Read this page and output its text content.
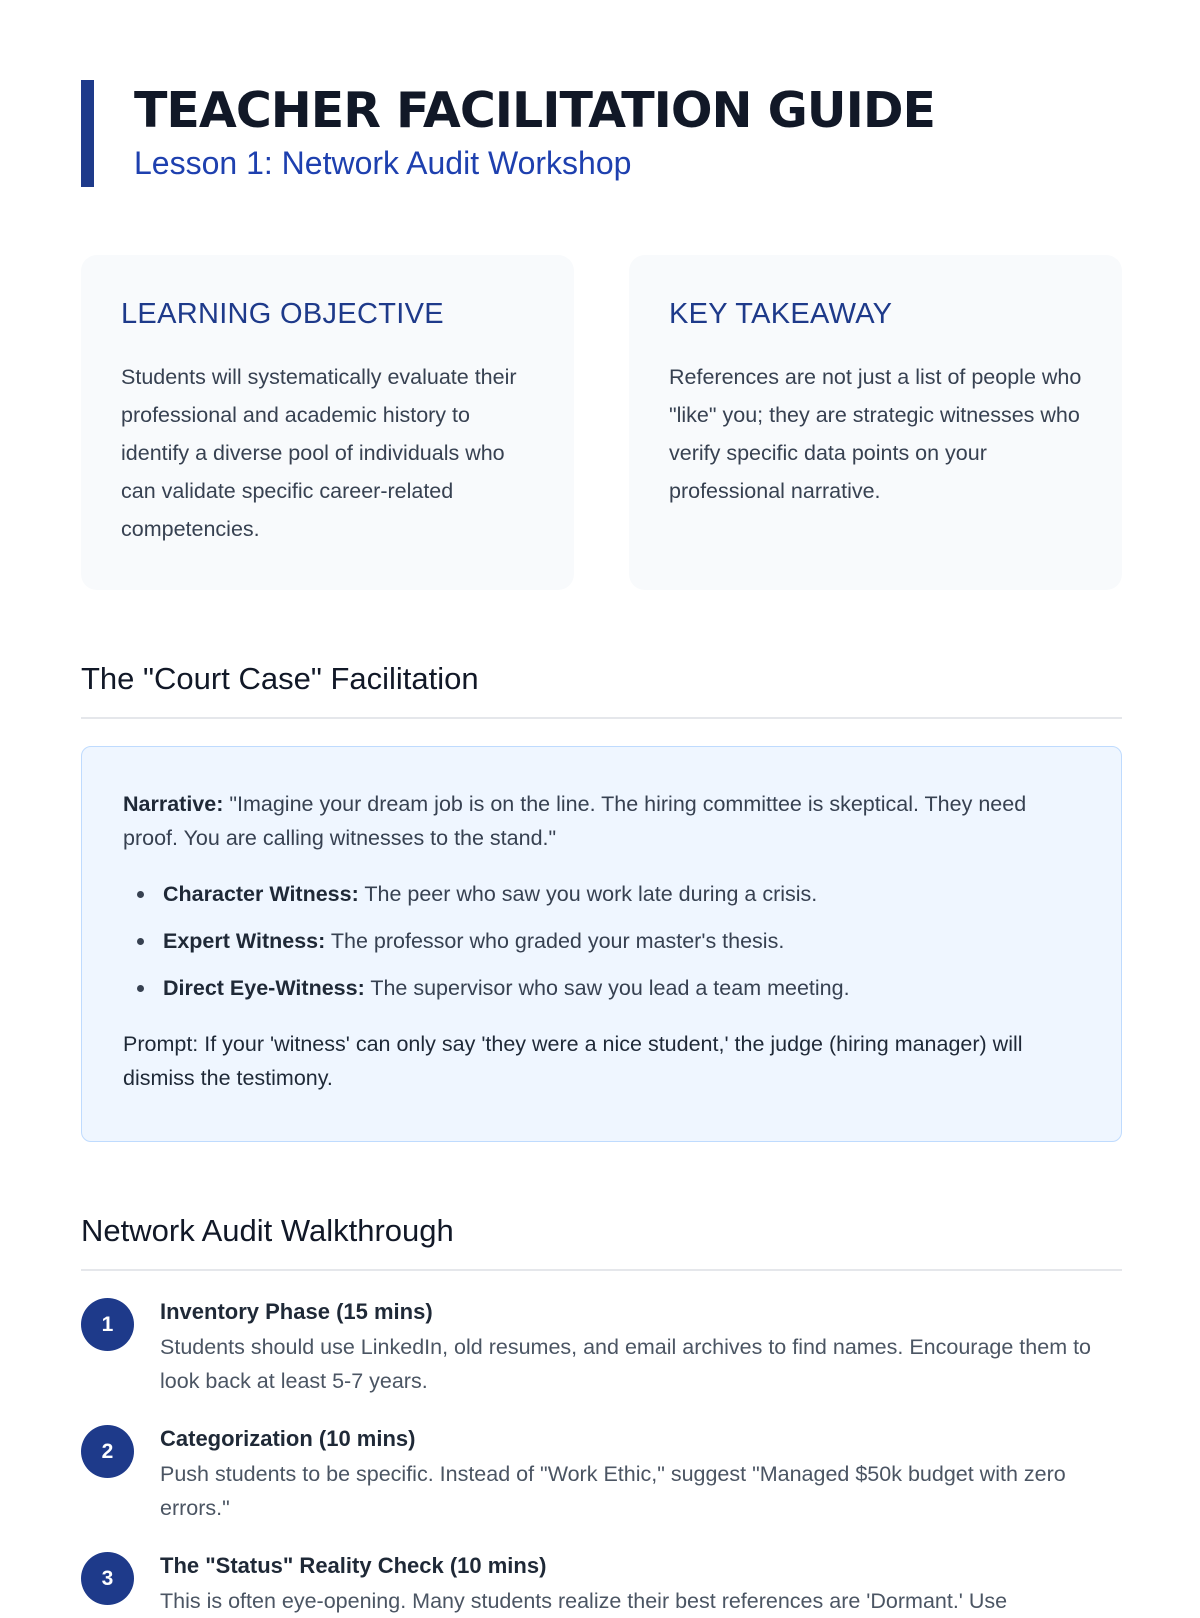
TEACHER FACILITATION GUIDE
Lesson 1: Network Audit Workshop
LEARNING OBJECTIVE

Students will systematically evaluate their professional and academic history to identify a diverse pool of individuals who can validate specific career-related competencies.

KEY TAKEAWAY

References are not just a list of people who "like" you; they are strategic witnesses who verify specific data points on your professional narrative.

The "Court Case" Facilitation

Narrative: "Imagine your dream job is on the line. The hiring committee is skeptical. They need proof. You are calling witnesses to the stand."

Character Witness: The peer who saw you work late during a crisis.
Expert Witness: The professor who graded your master's thesis.
Direct Eye-Witness: The supervisor who saw you lead a team meeting.

Prompt: If your 'witness' can only say 'they were a nice student,' the judge (hiring manager) will dismiss the testimony.

Network Audit Walkthrough
1	Inventory Phase (15 mins)

Students should use LinkedIn, old resumes, and email archives to find names. Encourage them to look back at least 5-7 years.

2	Categorization (10 mins)

Push students to be specific. Instead of "Work Ethic," suggest "Managed $50k budget with zero errors."

3	The "Status" Reality Check (10 mins)

This is often eye-opening. Many students realize their best references are 'Dormant.' Use
